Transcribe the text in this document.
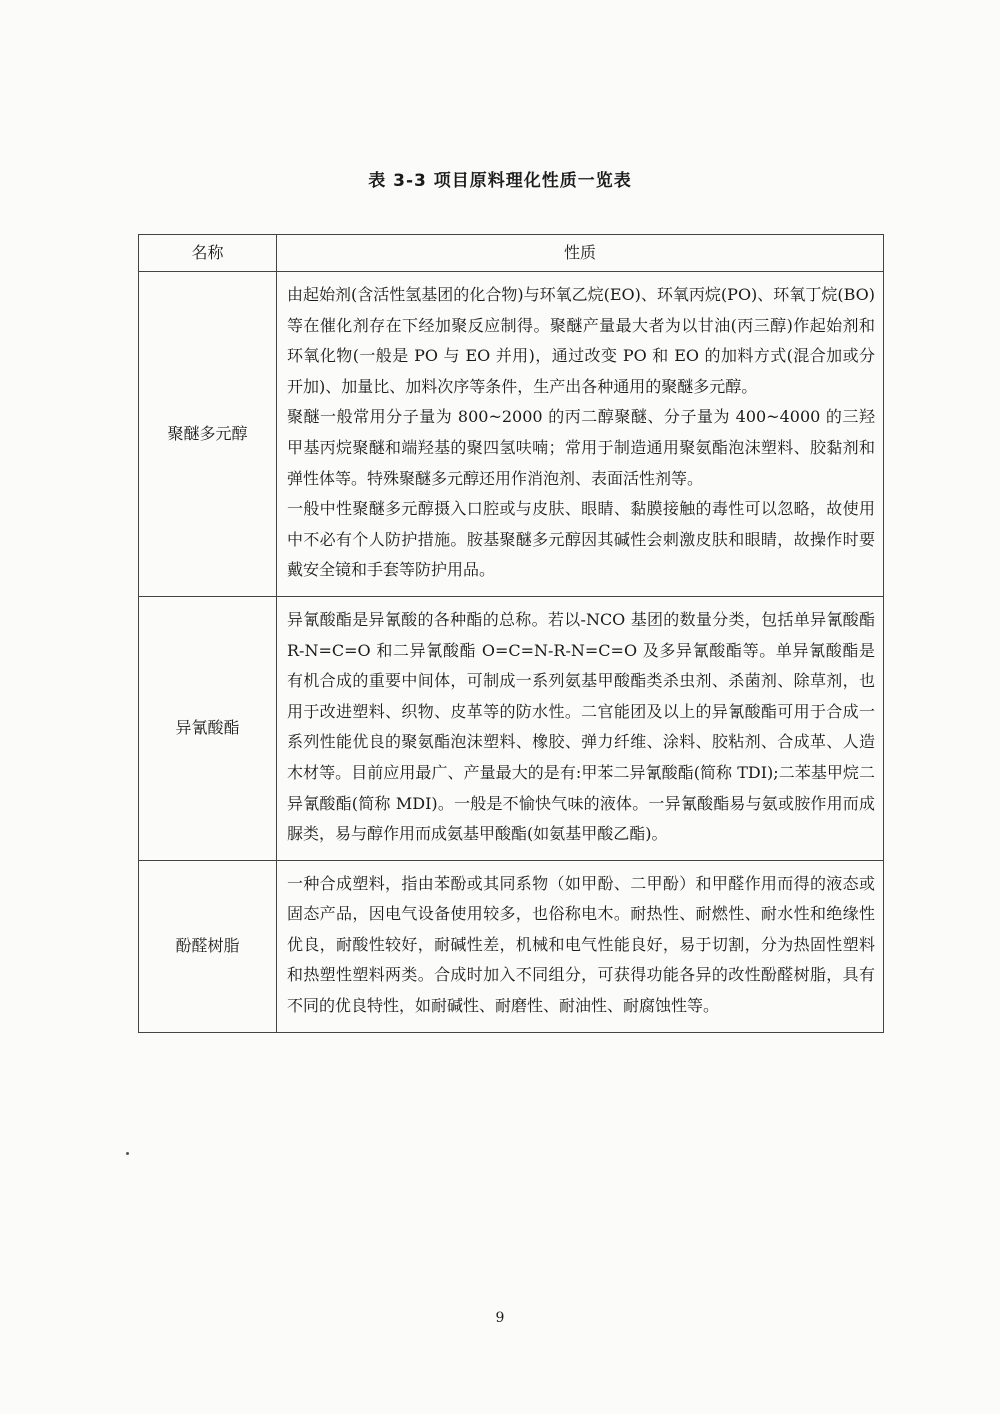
表 3-3 项目原料理化性质一览表
名称	性质
聚醚多元醇	由起始剂(含活性氢基团的化合物)与环氧乙烷(EO)、环氧丙烷(PO)、环氧丁烷(BO)等在催化剂存在下经加聚反应制得。聚醚产量最大者为以甘油(丙三醇)作起始剂和环氧化物(一般是 PO 与 EO 并用)，通过改变 PO 和 EO 的加料方式(混合加或分开加)、加量比、加料次序等条件，生产出各种通用的聚醚多元醇。

聚醚一般常用分子量为 800~2000 的丙二醇聚醚、分子量为 400~4000 的三羟甲基丙烷聚醚和端羟基的聚四氢呋喃；常用于制造通用聚氨酯泡沫塑料、胶黏剂和弹性体等。特殊聚醚多元醇还用作消泡剂、表面活性剂等。

一般中性聚醚多元醇摄入口腔或与皮肤、眼睛、黏膜接触的毒性可以忽略，故使用中不必有个人防护措施。胺基聚醚多元醇因其碱性会刺激皮肤和眼睛，故操作时要戴安全镜和手套等防护用品。

异氰酸酯	异氰酸酯是异氰酸的各种酯的总称。若以-NCO 基团的数量分类，包括单异氰酸酯 R-N=C=O 和二异氰酸酯 O=C=N-R-N=C=O 及多异氰酸酯等。单异氰酸酯是有机合成的重要中间体，可制成一系列氨基甲酸酯类杀虫剂、杀菌剂、除草剂，也用于改进塑料、织物、皮革等的防水性。二官能团及以上的异氰酸酯可用于合成一系列性能优良的聚氨酯泡沫塑料、橡胶、弹力纤维、涂料、胶粘剂、合成革、人造木材等。目前应用最广、产量最大的是有:甲苯二异氰酸酯(简称 TDI);二苯基甲烷二异氰酸酯(简称 MDI)。一般是不愉快气味的液体。一异氰酸酯易与氨或胺作用而成脲类，易与醇作用而成氨基甲酸酯(如氨基甲酸乙酯)。

酚醛树脂	一种合成塑料，指由苯酚或其同系物（如甲酚、二甲酚）和甲醛作用而得的液态或固态产品，因电气设备使用较多，也俗称电木。耐热性、耐燃性、耐水性和绝缘性优良，耐酸性较好，耐碱性差，机械和电气性能良好，易于切割，分为热固性塑料和热塑性塑料两类。合成时加入不同组分，可获得功能各异的改性酚醛树脂，具有不同的优良特性，如耐碱性、耐磨性、耐油性、耐腐蚀性等。

9
